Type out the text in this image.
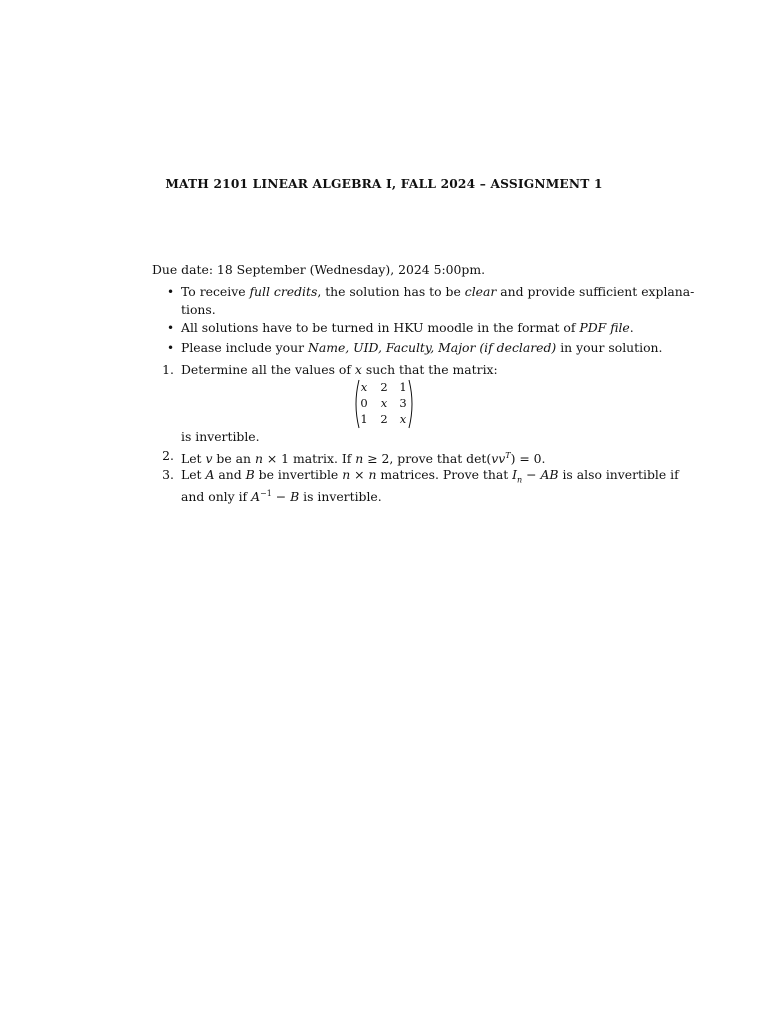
MATH 2101 LINEAR ALGEBRA I, FALL 2024 – ASSIGNMENT 1
Due date: 18 September (Wednesday), 2024 5:00pm.
• To receive full credits, the solution has to be clear and provide sufficient explana-
tions.
• All solutions have to be turned in HKU moodle in the format of PDF file.
• Please include your Name, UID, Faculty, Major (if declared) in your solution.
1. Determine all the values of x such that the matrix:
x	2	1
0	x	3
1	2	x
is invertible.
2. Let v be an n × 1 matrix. If n ≥ 2, prove that $\det(vv^T) = 0$.
3. Let A and B be invertible n × n matrices. Prove that $I_n$ − AB is also invertible if
and only if $A^{-1} - B$ is invertible.
